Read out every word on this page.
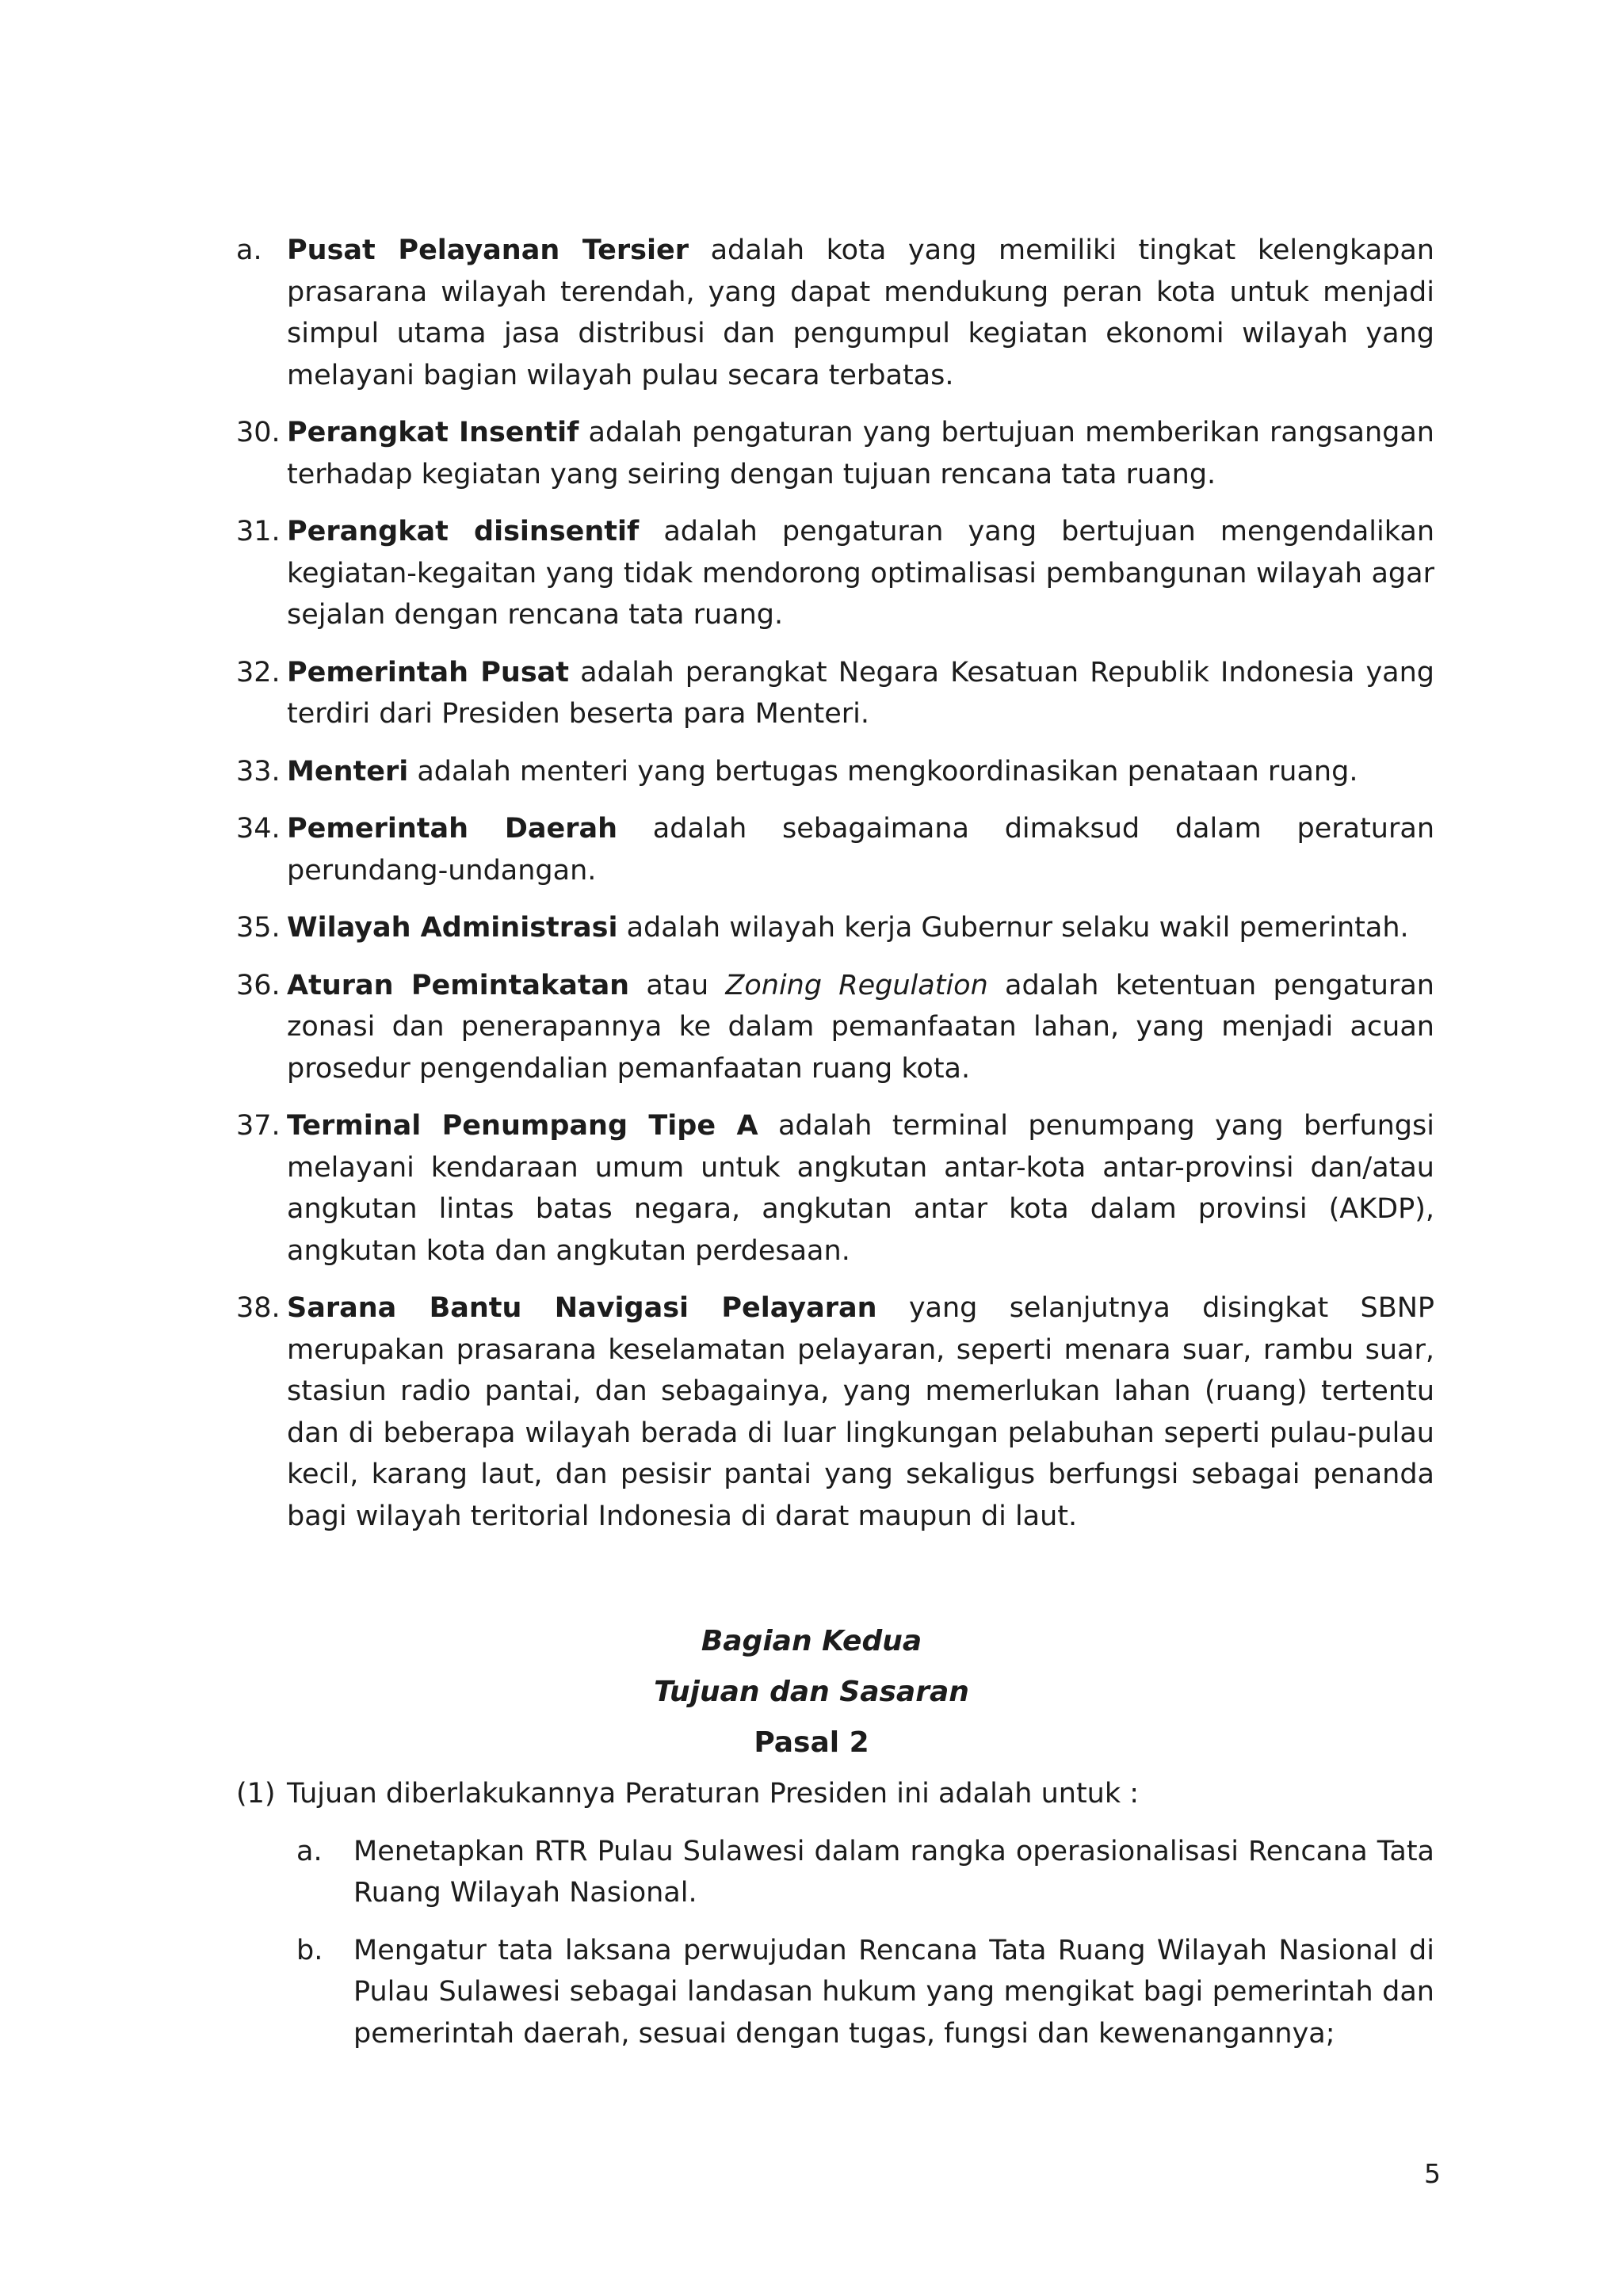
a. Pusat Pelayanan Tersier adalah kota yang memiliki tingkat kelengkapan prasarana wilayah terendah, yang dapat mendukung peran kota untuk menjadi simpul utama jasa distribusi dan pengumpul kegiatan ekonomi wilayah yang melayani bagian wilayah pulau secara terbatas.
30. Perangkat Insentif adalah pengaturan yang bertujuan memberikan rangsangan terhadap kegiatan yang seiring dengan tujuan rencana tata ruang.
31. Perangkat disinsentif adalah pengaturan yang bertujuan mengendalikan kegiatan-kegaitan yang tidak mendorong optimalisasi pembangunan wilayah agar sejalan dengan rencana tata ruang.
32. Pemerintah Pusat adalah perangkat Negara Kesatuan Republik Indonesia yang terdiri dari Presiden beserta para Menteri.
33. Menteri adalah menteri yang bertugas mengkoordinasikan penataan ruang.
34. Pemerintah Daerah adalah sebagaimana dimaksud dalam peraturan perundang-undangan.
35. Wilayah Administrasi adalah wilayah kerja Gubernur selaku wakil pemerintah.
36. Aturan Pemintakatan atau Zoning Regulation adalah ketentuan pengaturan zonasi dan penerapannya ke dalam pemanfaatan lahan, yang menjadi acuan prosedur pengendalian pemanfaatan ruang kota.
37. Terminal Penumpang Tipe A adalah terminal penumpang yang berfungsi melayani kendaraan umum untuk angkutan antar-kota antar-provinsi dan/atau angkutan lintas batas negara, angkutan antar kota dalam provinsi (AKDP), angkutan kota dan angkutan perdesaan.
38. Sarana Bantu Navigasi Pelayaran yang selanjutnya disingkat SBNP merupakan prasarana keselamatan pelayaran, seperti menara suar, rambu suar, stasiun radio pantai, dan sebagainya, yang memerlukan lahan (ruang) tertentu dan di beberapa wilayah berada di luar lingkungan pelabuhan seperti pulau-pulau kecil, karang laut, dan pesisir pantai yang sekaligus berfungsi sebagai penanda bagi wilayah teritorial Indonesia di darat maupun di laut.
Bagian Kedua
Tujuan dan Sasaran
Pasal 2
(1) Tujuan diberlakukannya Peraturan Presiden ini adalah untuk :
a. Menetapkan RTR Pulau Sulawesi dalam rangka operasionalisasi Rencana Tata Ruang Wilayah Nasional.
b. Mengatur tata laksana perwujudan Rencana Tata Ruang Wilayah Nasional di Pulau Sulawesi sebagai landasan hukum yang mengikat bagi pemerintah dan pemerintah daerah, sesuai dengan tugas, fungsi dan kewenangannya;
5
